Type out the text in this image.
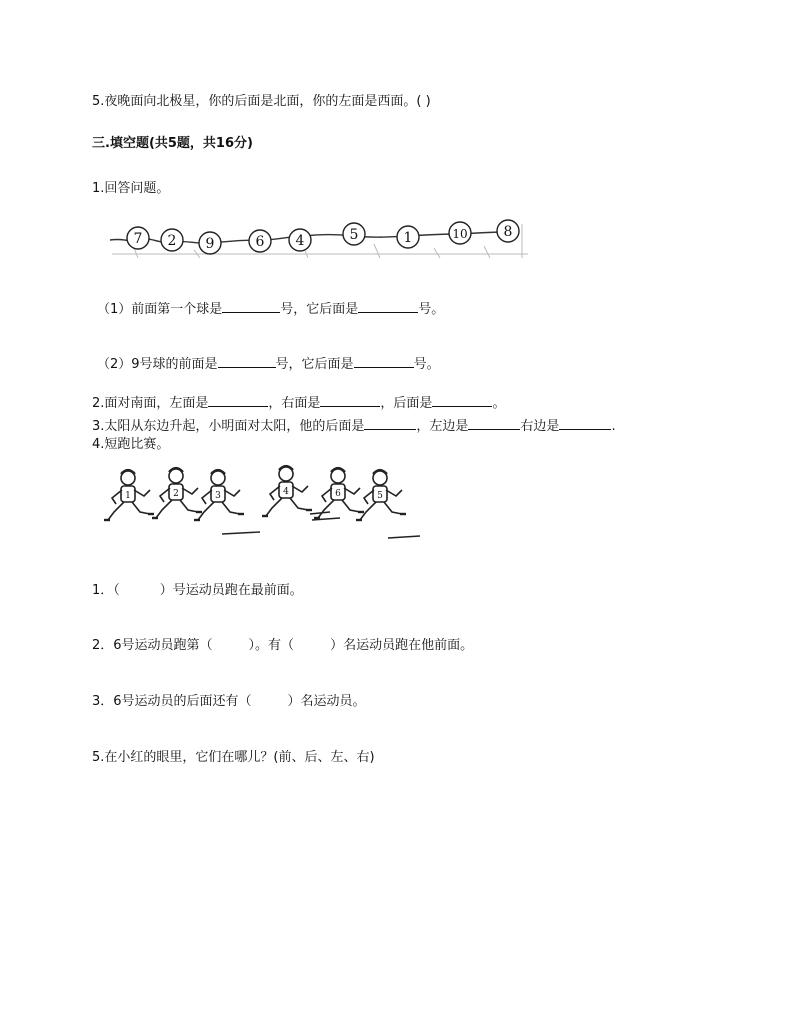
5.夜晚面向北极星，你的后面是北面，你的左面是西面。( )
三.填空题(共5题，共16分)
1.回答问题。
7 2 9	6 4	5	1	10	8
（1）前面第一个球是	号，它后面是	号。
（2）9号球的前面是	号，它后面是	号。
2.面对南面，左面是	，右面是	，后面是	。
3.太阳从东边升起，小明面对太阳，他的后面是	，左边是	右边是	.
4.短跑比赛。
1	2	3	4	6	5
1．（	）号运动员跑在最前面。
2．6号运动员跑第（	）。有（	）名运动员跑在他前面。
3．6号运动员的后面还有（	）名运动员。
5.在小红的眼里，它们在哪儿？(前、后、左、右)
